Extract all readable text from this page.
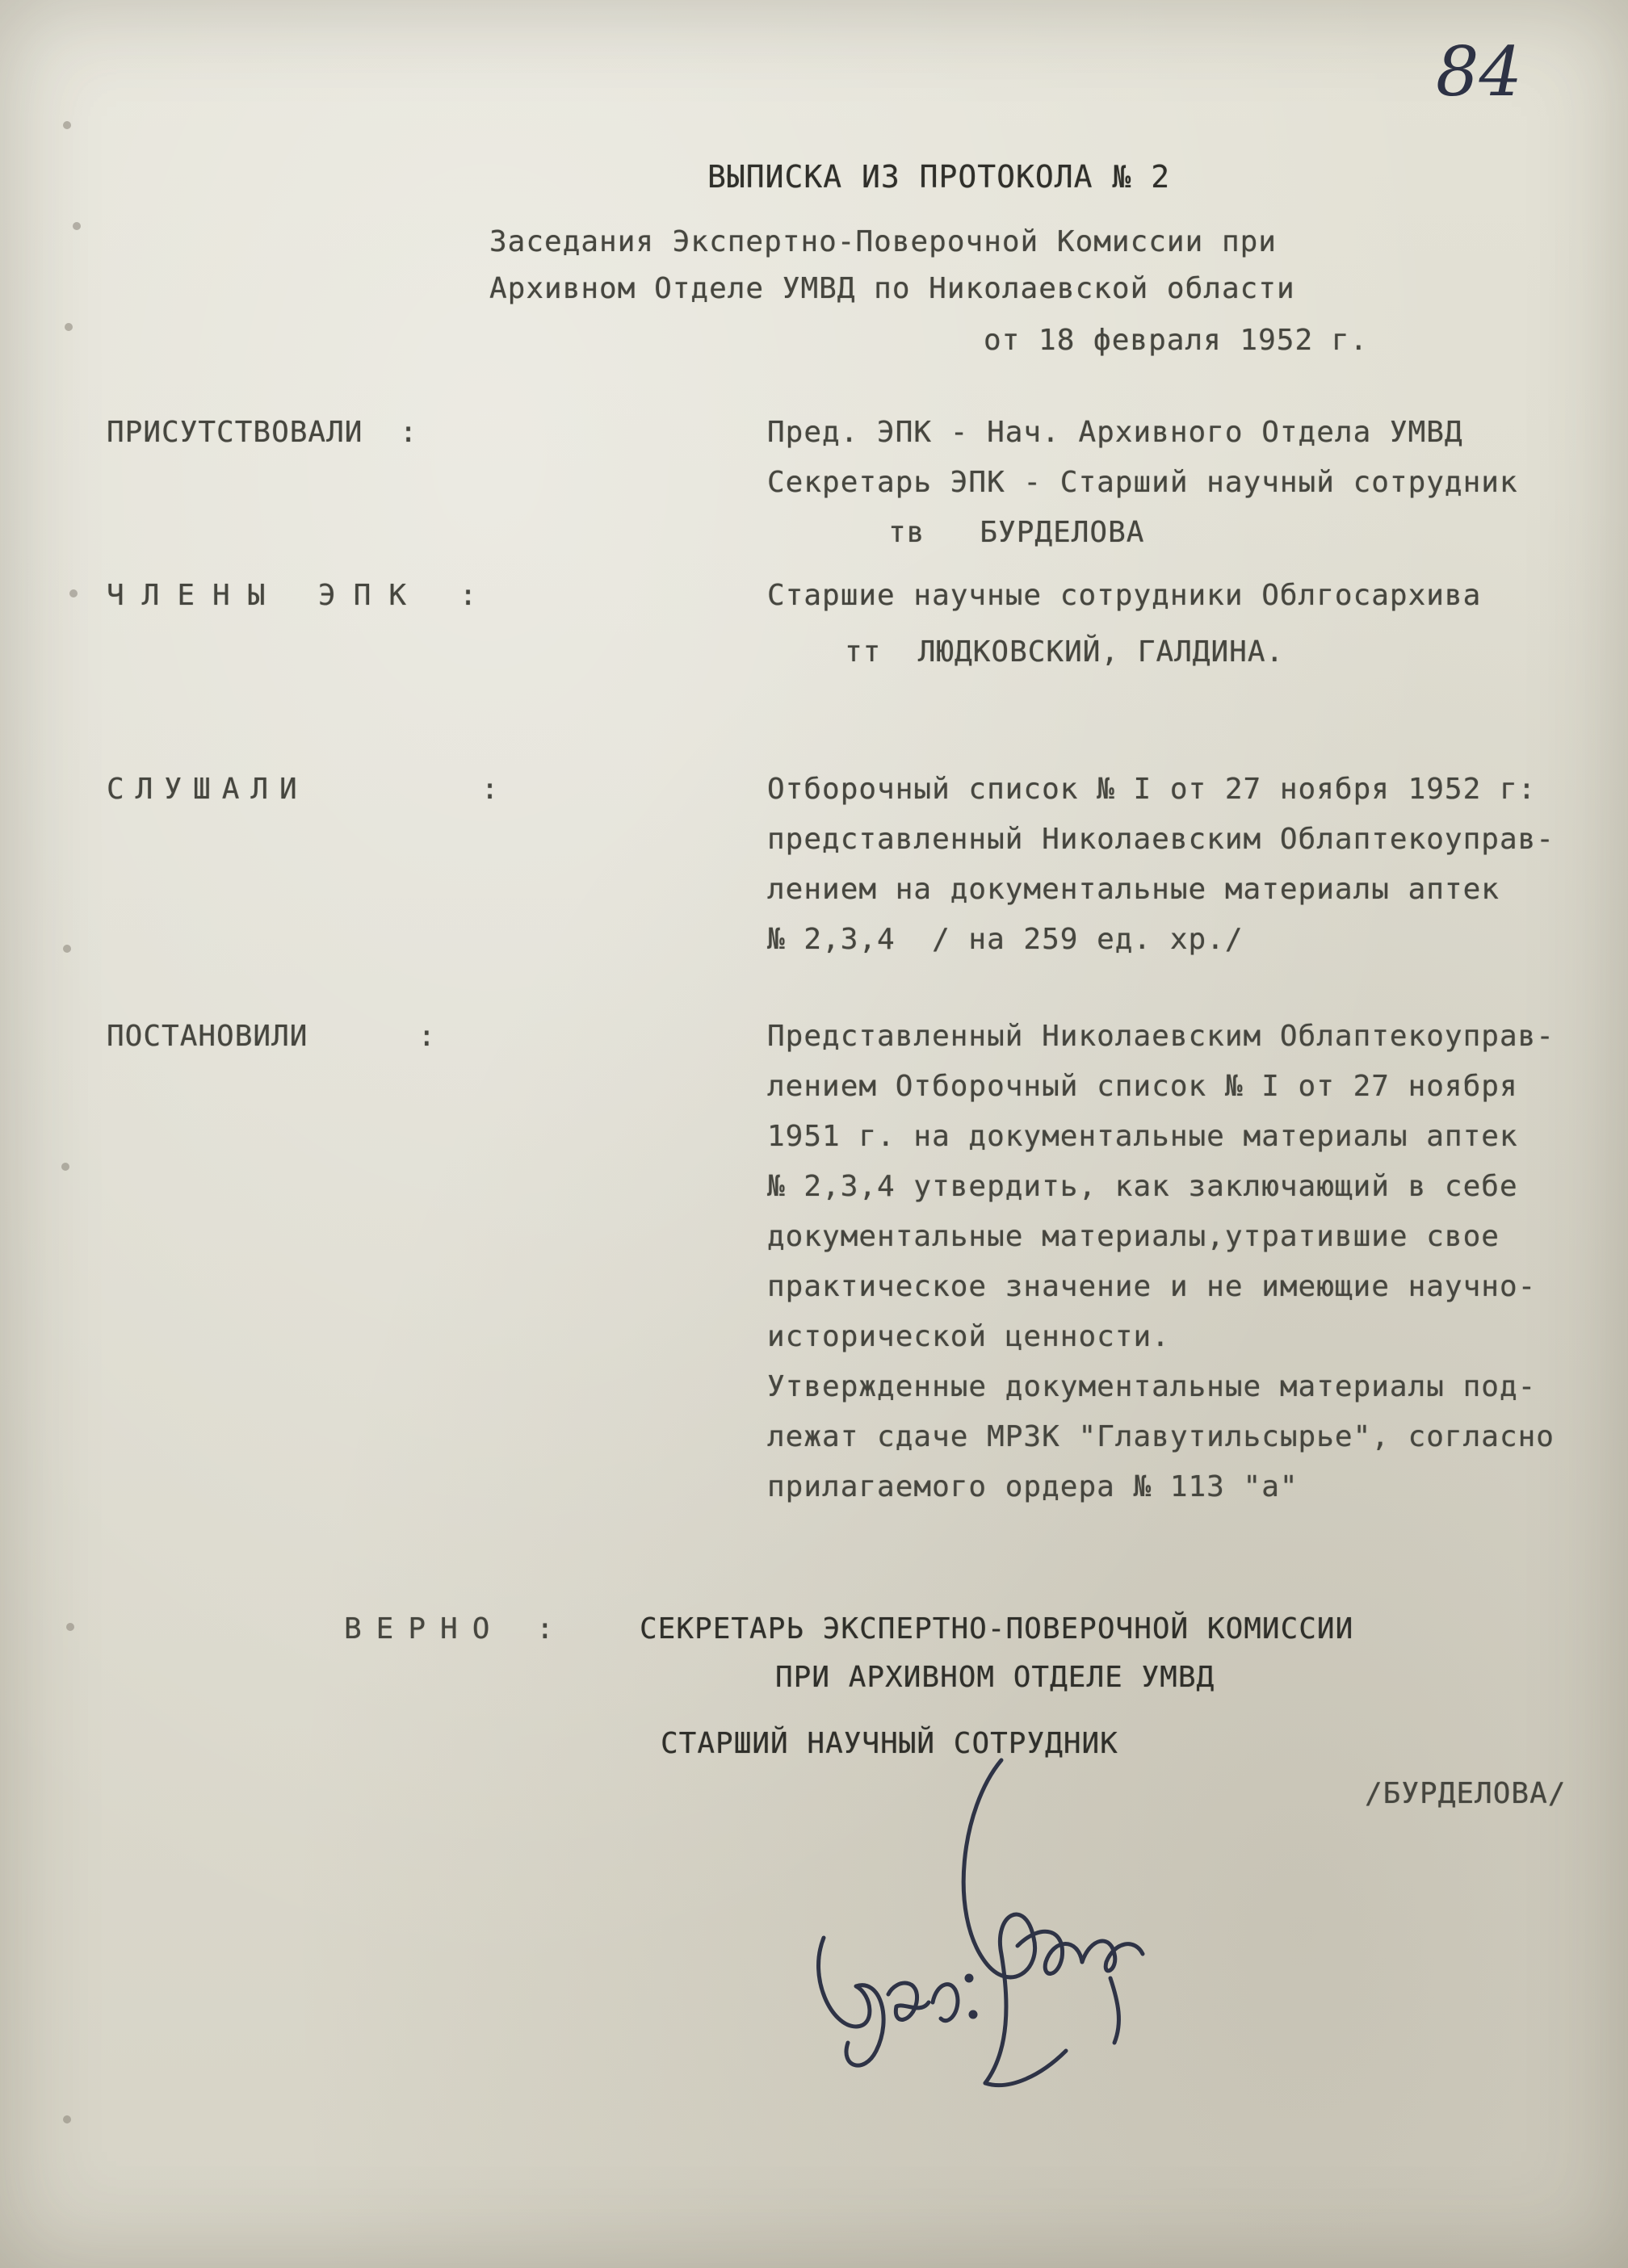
84
ВЫПИСКА ИЗ ПРОТОКОЛА № 2
Заседания Экспертно-Поверочной Комиссии при
Архивном Отделе УМВД по Николаевской области
от 18 февраля 1952 г.
ПРИСУТСТВОВАЛИ  :	Пред. ЭПК - Нач. Архивного Отдела УМВД
Секретарь ЭПК - Старший научный сотрудник
тв   БУРДЕЛОВА
ЧЛЕНЫ ЭПК :	Старшие научные сотрудники Облгосархива
тт  ЛЮДКОВСКИЙ, ГАЛДИНА.
СЛУШАЛИ      :	Отборочный список № I от 27 ноября 1952 г:
представленный Николаевским Облаптекоуправ-
лением на документальные материалы аптек
№ 2,3,4  / на 259 ед. хр./
ПОСТАНОВИЛИ      :	Представленный Николаевским Облаптекоуправ-
лением Отборочный список № I от 27 ноября
1951 г. на документальные материалы аптек
№ 2,3,4 утвердить, как заключающий в себе
документальные материалы,утратившие свое
практическое значение и не имеющие научно-
исторической ценности.
Утвержденные документальные материалы под-
лежат сдаче МРЗК "Главутильсырье", согласно
прилагаемого ордера № 113 "а"
ВЕРНО : СЕКРЕТАРЬ ЭКСПЕРТНО-ПОВЕРОЧНОЙ КОМИССИИ
ПРИ АРХИВНОМ ОТДЕЛЕ УМВД
СТАРШИЙ НАУЧНЫЙ СОТРУДНИК
/БУРДЕЛОВА/
